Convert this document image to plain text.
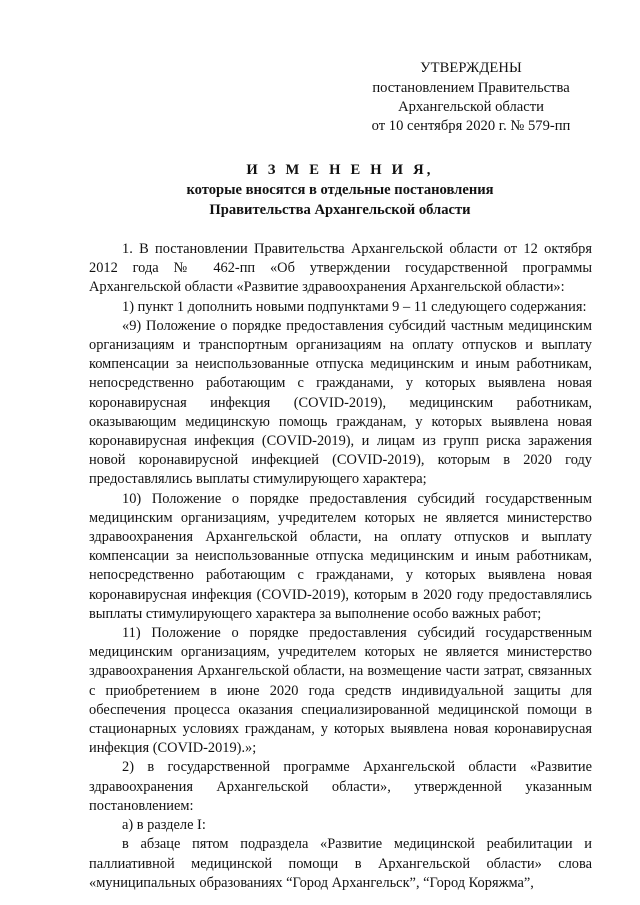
УТВЕРЖДЕНЫ
постановлением Правительства
Архангельской области
от 10 сентября 2020 г. № 579-пп
И З М Е Н Е Н И Я,
которые вносятся в отдельные постановления
Правительства Архангельской области

1. В постановлении Правительства Архангельской области от 12 октября 2012 года № 462-пп «Об утверждении государственной программы Архангельской области «Развитие здравоохранения Архангельской области»:

1) пункт 1 дополнить новыми подпунктами 9 – 11 следующего содержания:

«9) Положение о порядке предоставления субсидий частным медицинским организациям и транспортным организациям на оплату отпусков и выплату компенсации за неиспользованные отпуска медицинским и иным работникам, непосредственно работающим с гражданами, у которых выявлена новая коронавирусная инфекция (COVID-2019), медицинским работникам, оказывающим медицинскую помощь гражданам, у которых выявлена новая коронавирусная инфекция (COVID-2019), и лицам из групп риска заражения новой коронавирусной инфекцией (COVID-2019), которым в 2020 году предоставлялись выплаты стимулирующего характера;

10) Положение о порядке предоставления субсидий государственным медицинским организациям, учредителем которых не является министерство здравоохранения Архангельской области, на оплату отпусков и выплату компенсации за неиспользованные отпуска медицинским и иным работникам, непосредственно работающим с гражданами, у которых выявлена новая коронавирусная инфекция (COVID-2019), которым в 2020 году предоставлялись выплаты стимулирующего характера за выполнение особо важных работ;

11) Положение о порядке предоставления субсидий государственным медицинским организациям, учредителем которых не является министерство здравоохранения Архангельской области, на возмещение части затрат, связанных с приобретением в июне 2020 года средств индивидуальной защиты для обеспечения процесса оказания специализированной медицинской помощи в стационарных условиях гражданам, у которых выявлена новая коронавирусная инфекция (COVID-2019).»;

2) в государственной программе Архангельской области «Развитие здравоохранения Архангельской области», утвержденной указанным постановлением:

а) в разделе I:

в абзаце пятом подраздела «Развитие медицинской реабилитации и паллиативной медицинской помощи в Архангельской области» слова «муниципальных образованиях “Город Архангельск”, “Город Коряжма”,
